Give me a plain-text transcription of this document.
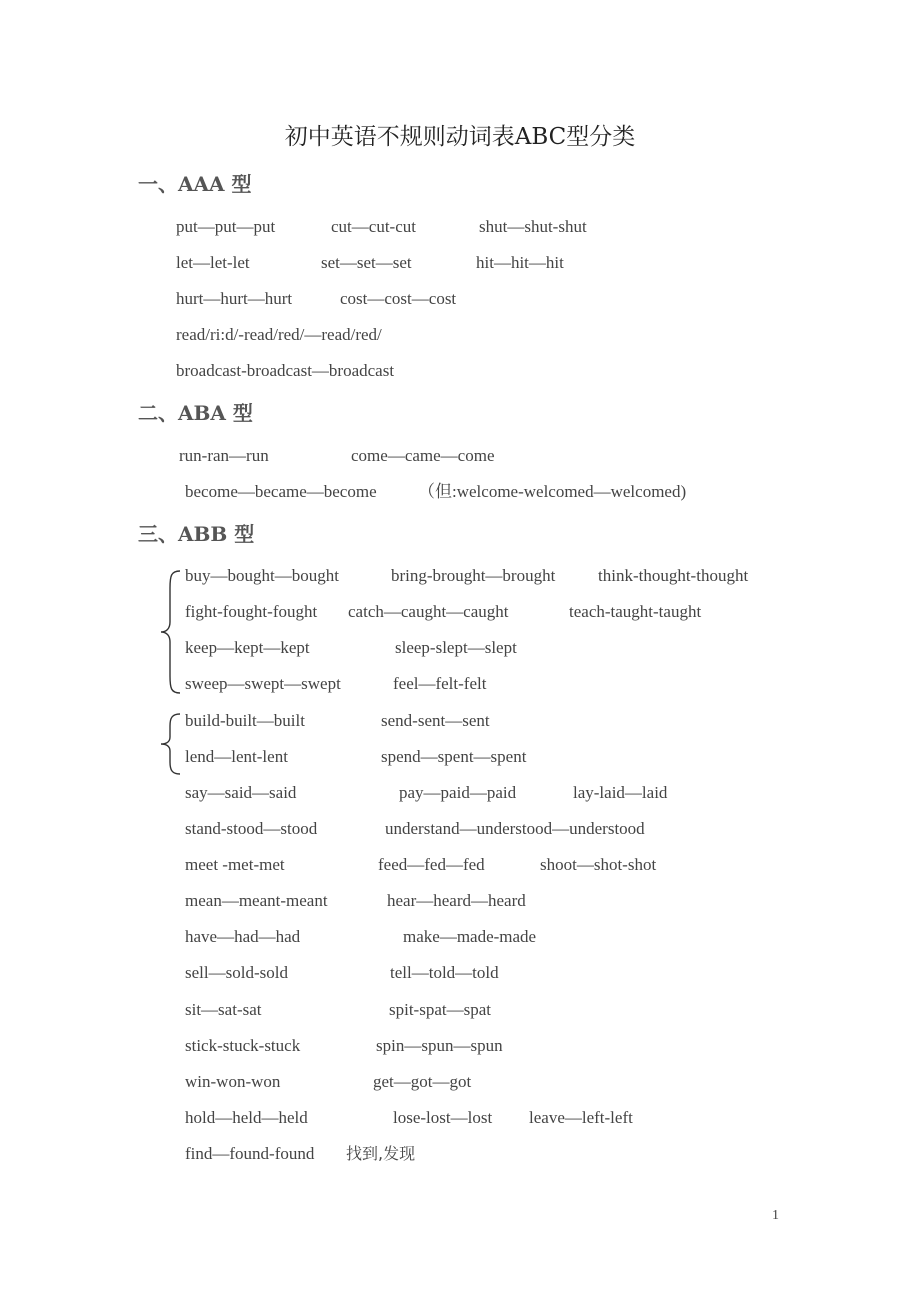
初中英语不规则动词表ABC型分类
一、AAA 型
put—put—put	cut—cut-cut	shut—shut-shut
let—let-let	set—set—set	hit—hit—hit
hurt—hurt—hurt	cost—cost—cost
read/ri:d/-read/red/—read/red/
broadcast-broadcast—broadcast
二、ABA 型
run-ran—run	come—came—come
become—became—become （但:welcome-welcomed—welcomed)
三、ABB 型
buy—bought—bought	bring-brought—brought	think-thought-thought
fight-fought-fought catch—caught—caught	teach-taught-taught
keep—kept—kept	sleep-slept—slept
sweep—swept—swept	feel—felt-felt
build-built—built	send-sent—sent
lend—lent-lent	spend—spent—spent
say—said—said	pay—paid—paid	lay-laid—laid
stand-stood—stood	understand—understood—understood
meet -met-met	feed—fed—fed	shoot—shot-shot
mean—meant-meant	hear—heard—heard
have—had—had	make—made-made
sell—sold-sold	tell—told—told
sit—sat-sat	spit-spat—spat
stick-stuck-stuck	spin—spun—spun
win-won-won	get—got—got
hold—held—held	lose-lost—lost leave—left-left
find—found-found 找到,发现
1
